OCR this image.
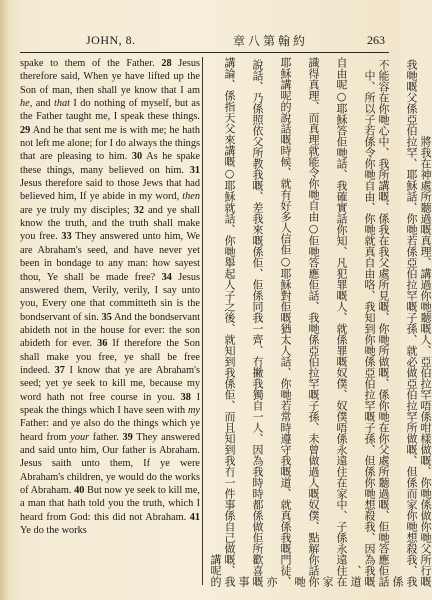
JOHN, 8.	章八第翰約	263
spake to them of the Father. 28 Jesus therefore said, When ye have lifted up the Son of man, then shall ye know that I am he, and that I do nothing of myself, but as the Father taught me, I speak these things. 29 And he that sent me is with me; he hath not left me alone; for I do always the things that are pleasing to him. 30 As he spake these things, many believed on him. 31 Jesus therefore said to those Jews that had believed him, If ye abide in my word, then are ye truly my disciples; 32 and ye shall know the truth, and the truth shall make you free. 33 They answered unto him, We are Abraham's seed, and have never yet been in bondage to any man: how sayest thou, Ye shall be made free? 34 Jesus answered them, Verily, verily, I say unto you, Every one that committeth sin is the bondservant of sin. 35 And the bondservant abideth not in the house for ever: the son abideth for ever. 36 If therefore the Son shall make you free, ye shall be free indeed. 37 I know that ye are Abraham's seed; yet ye seek to kill me, because my word hath not free course in you. 38 I speak the things which I have seen with my Father: and ye also do the things which ye heard from your father. 39 They answered and said unto him, Our father is Abraham. Jesus saith unto them, If ye were Abraham's children, ye would do the works of Abraham. 40 But now ye seek to kill me, a man that hath told you the truth, which I heard from God: this did not Abraham. 41 Ye do the works	講論、係指天父來講嘅○耶穌就話、你哋舉起人子之後、就知到我係佢、而且知到我冇一件事係自己做嘅、我講呢的	說話、乃係照依父所教我嘅、差我來嘅係佢、佢係同我一齊、冇撇我獨自一人、因為我時時都係做佢所歡喜嘅事	耶穌講呢的說話嘅時候、就有好多人信佢○耶穌對佢嘅猶太人話、你哋若常時遵守我嘅道、就真係我嘅門徒、亦	識得真理、而真理就能令你哋自由○佢哋答應佢話、我哋係亞伯拉罕嘅子孫、未曾做過人嘅奴僕、點解你話你哋	自由呢○耶穌答佢哋話、我確實話你知、凡犯罪嘅人、就係罪嘅奴僕、奴僕唔係永遠住在家中、子係永遠住在家	中、所以子若係令你哋自由、你哋就真自由咯、我知到你哋係亞伯拉罕嘅子孫、但係你哋想殺我、因為我嘅道、	不能容在你哋心中、我所講嘅、係我在我父處所見嘅、你哋所做嘅、係你哋在你父處所聽過嘅、佢哋答應佢話	我哋嘅父係亞伯拉罕、耶穌話、你哋若係亞伯拉罕嘅子孫、就必做亞伯拉罕所做嘅、但係而家你哋想殺我、我係	將我在神處所聽過嘅真理、講過你哋聽嘅人、亞伯拉罕唔係咁樣做嘅、你哋係做你哋父所行嘅
